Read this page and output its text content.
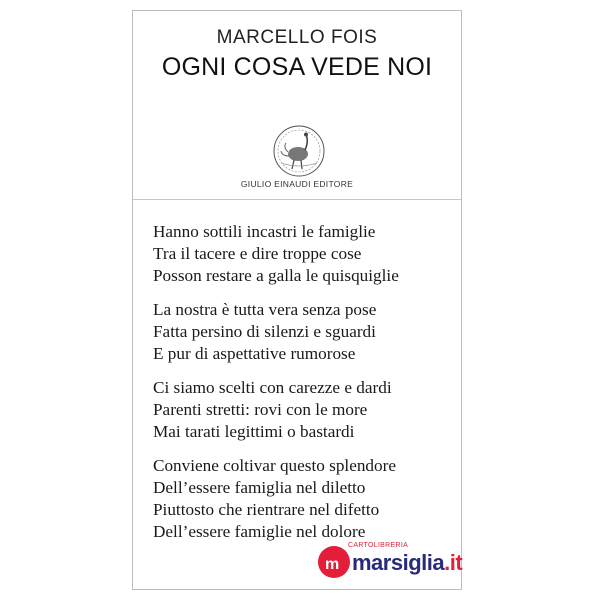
MARCELLO FOIS
OGNI COSA VEDE NOI
GIULIO EINAUDI EDITORE
Hanno sottili incastri le famiglie
Tra il tacere e dire troppe cose
Posson restare a galla le quisquiglie
La nostra è tutta vera senza pose
Fatta persino di silenzi e sguardi
E pur di aspettative rumorose
Ci siamo scelti con carezze e dardi
Parenti stretti: rovi con le more
Mai tarati legittimi o bastardi
Conviene coltivar questo splendore
Dell’essere famiglia nel diletto
Piuttosto che rientrare nel difetto
Dell’essere famiglie nel dolore
m
CARTOLIBRERIA
marsiglia.it
